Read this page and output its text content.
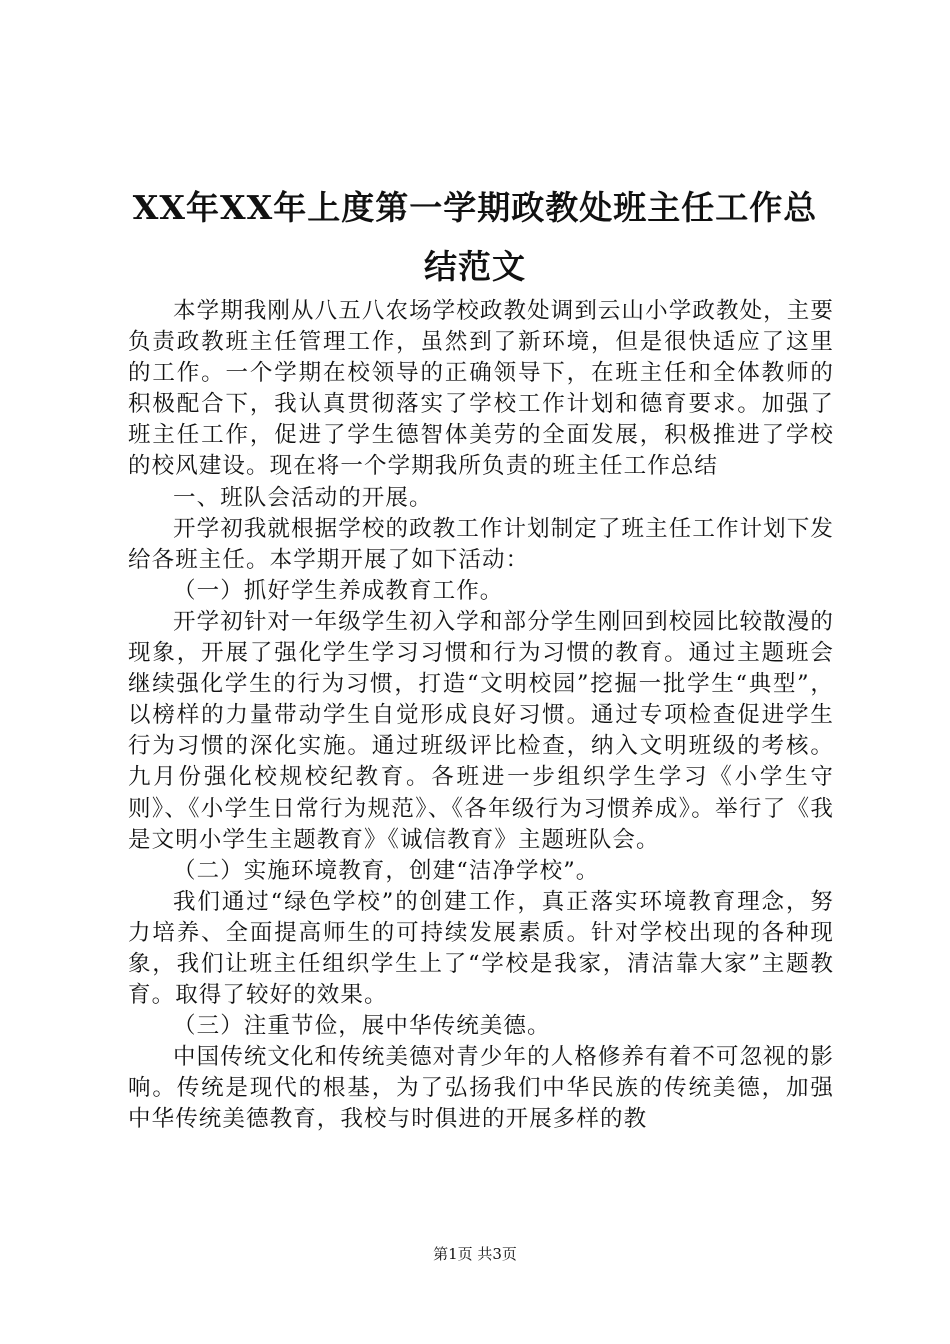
XX年XX年上度第一学期政教处班主任工作总
结范文

本学期我刚从八五八农场学校政教处调到云山小学政教处，主要负责政教班主任管理工作，虽然到了新环境，但是很快适应了这里的工作。一个学期在校领导的正确领导下，在班主任和全体教师的积极配合下，我认真贯彻落实了学校工作计划和德育要求。加强了班主任工作，促进了学生德智体美劳的全面发展，积极推进了学校的校风建设。现在将一个学期我所负责的班主任工作总结

一、班队会活动的开展。

开学初我就根据学校的政教工作计划制定了班主任工作计划下发给各班主任。本学期开展了如下活动：

（一）抓好学生养成教育工作。

开学初针对一年级学生初入学和部分学生刚回到校园比较散漫的现象，开展了强化学生学习习惯和行为习惯的教育。通过主题班会继续强化学生的行为习惯，打造“文明校园”挖掘一批学生“典型”，以榜样的力量带动学生自觉形成良好习惯。通过专项检查促进学生行为习惯的深化实施。通过班级评比检查，纳入文明班级的考核。九月份强化校规校纪教育。各班进一步组织学生学习《小学生守则》、《小学生日常行为规范》、《各年级行为习惯养成》。举行了《我是文明小学生主题教育》《诚信教育》主题班队会。

（二）实施环境教育，创建“洁净学校”。

我们通过“绿色学校”的创建工作，真正落实环境教育理念，努力培养、全面提高师生的可持续发展素质。针对学校出现的各种现象，我们让班主任组织学生上了“学校是我家，清洁靠大家”主题教育。取得了较好的效果。

（三）注重节俭，展中华传统美德。

中国传统文化和传统美德对青少年的人格修养有着不可忽视的影响。传统是现代的根基，为了弘扬我们中华民族的传统美德，加强中华传统美德教育，我校与时俱进的开展多样的教

第1页 共3页
